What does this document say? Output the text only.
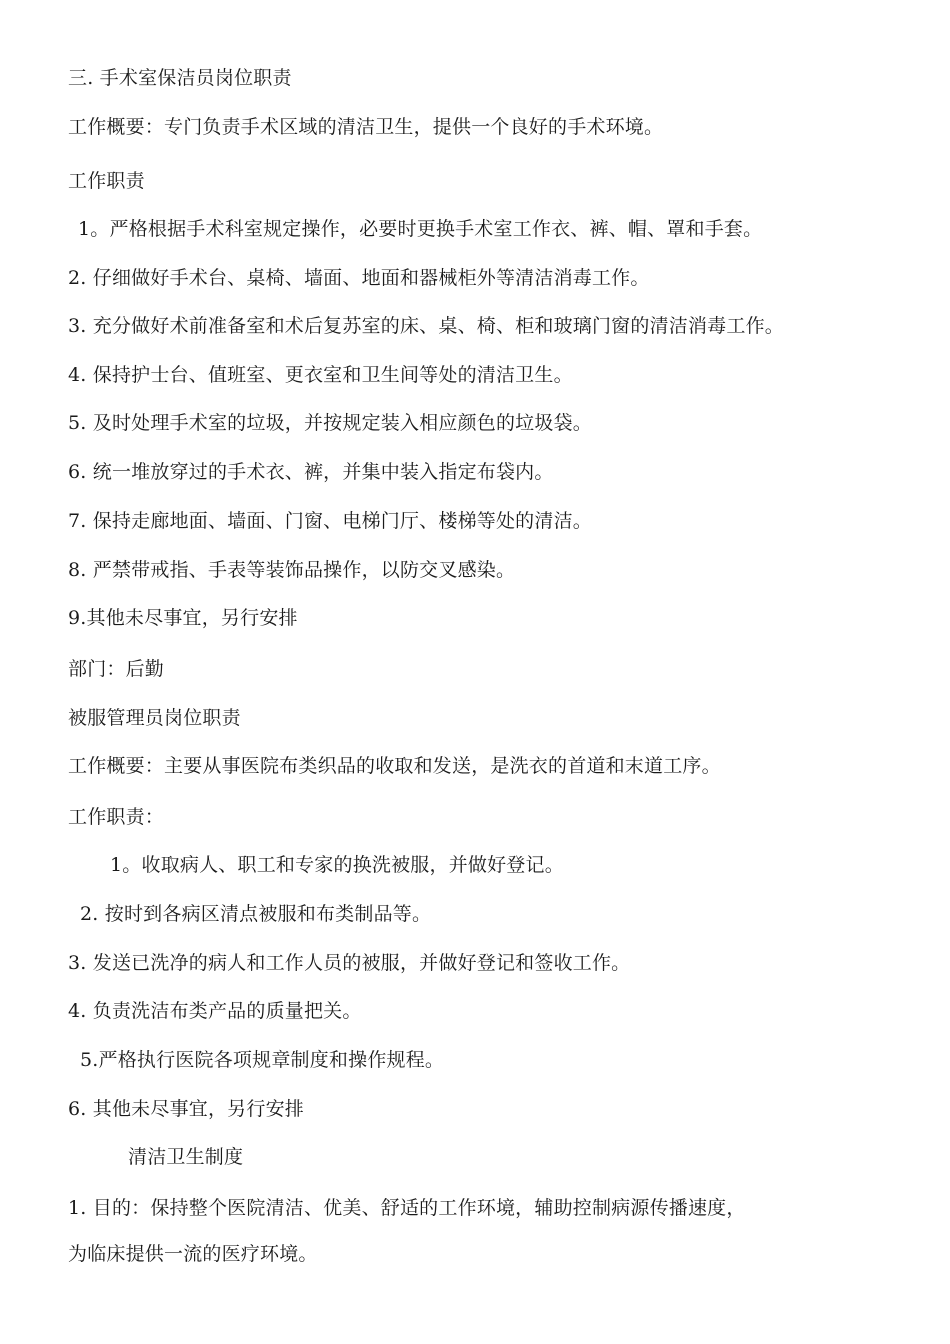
三. 手术室保洁员岗位职责
工作概要：专门负责手术区域的清洁卫生，提供一个良好的手术环境。
工作职责
1。严格根据手术科室规定操作，必要时更换手术室工作衣、裤、帽、罩和手套。
2. 仔细做好手术台、桌椅、墙面、地面和器械柜外等清洁消毒工作。
3. 充分做好术前准备室和术后复苏室的床、桌、椅、柜和玻璃门窗的清洁消毒工作。
4. 保持护士台、值班室、更衣室和卫生间等处的清洁卫生。
5. 及时处理手术室的垃圾，并按规定装入相应颜色的垃圾袋。
6. 统一堆放穿过的手术衣、裤，并集中装入指定布袋内。
7. 保持走廊地面、墙面、门窗、电梯门厅、楼梯等处的清洁。
8. 严禁带戒指、手表等装饰品操作，以防交叉感染。
9.其他未尽事宜，另行安排
部门：后勤
被服管理员岗位职责
工作概要：主要从事医院布类织品的收取和发送，是洗衣的首道和末道工序。
工作职责：
1。收取病人、职工和专家的换洗被服，并做好登记。
2. 按时到各病区清点被服和布类制品等。
3. 发送已洗净的病人和工作人员的被服，并做好登记和签收工作。
4. 负责洗洁布类产品的质量把关。
5.严格执行医院各项规章制度和操作规程。
6. 其他未尽事宜，另行安排
清洁卫生制度
1. 目的：保持整个医院清洁、优美、舒适的工作环境，辅助控制病源传播速度，
为临床提供一流的医疗环境。
